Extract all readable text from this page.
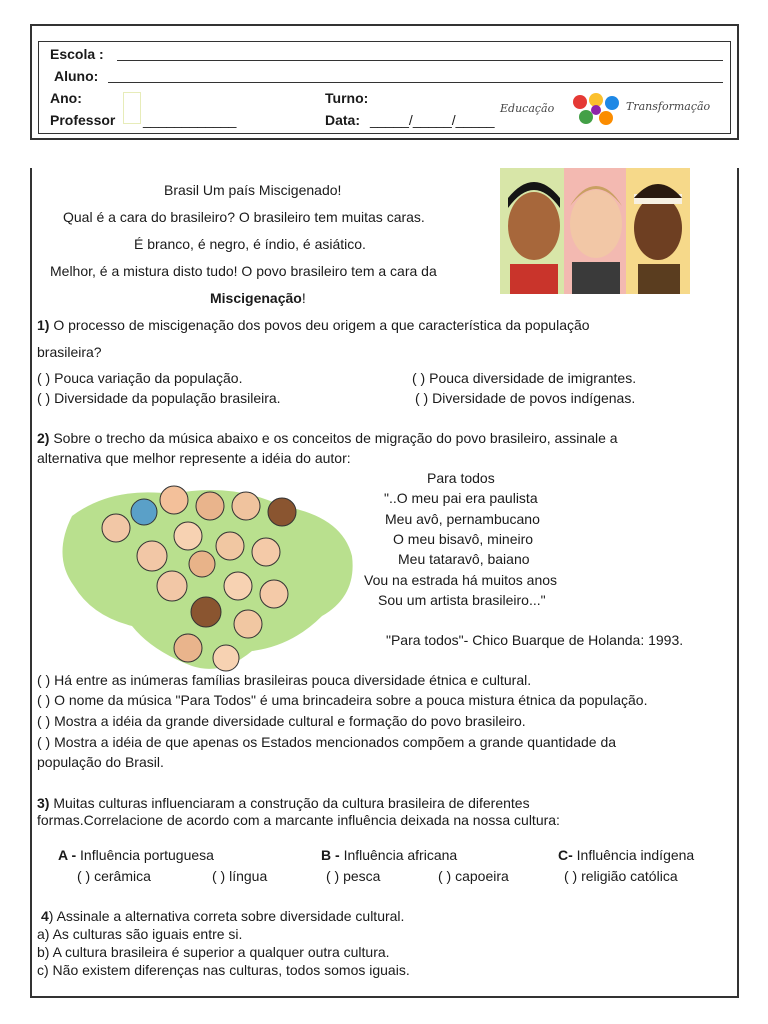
Escola :
Aluno:
Ano:
Professor ____________
Turno:
Data: _____/_____/_____
Educação	Transformação
Brasil Um país Miscigenado!
Qual é a cara do brasileiro? O brasileiro tem muitas caras.
É branco, é negro, é índio, é asiático.
Melhor, é a mistura disto tudo! O povo brasileiro tem a cara da
Miscigenação!
1) O processo de miscigenação dos povos deu origem a que característica da população
brasileira?
( ) Pouca variação da população.	( ) Pouca diversidade de imigrantes.
( ) Diversidade da população brasileira.	( ) Diversidade de povos indígenas.
2) Sobre o trecho da música abaixo e os conceitos de migração do povo brasileiro, assinale a
alternativa que melhor represente a idéia do autor:
Para todos
"..O meu pai era paulista
Meu avô, pernambucano
O meu bisavô, mineiro
Meu tataravô, baiano
Vou na estrada há muitos anos
Sou um artista brasileiro..."
"Para todos"- Chico Buarque de Holanda: 1993.
( ) Há entre as inúmeras famílias brasileiras pouca diversidade étnica e cultural.
( ) O nome da música "Para Todos" é uma brincadeira sobre a pouca mistura étnica da população.
( ) Mostra a idéia da grande diversidade cultural e formação do povo brasileiro.
( ) Mostra a idéia de que apenas os Estados mencionados compõem a grande quantidade da
população do Brasil.
3) Muitas culturas influenciaram a construção da cultura brasileira de diferentes
formas.Correlacione de acordo com a marcante influência deixada na nossa cultura:
A - Influência portuguesa	B - Influência africana	C- Influência indígena
( ) cerâmica	( ) língua	( ) pesca	( ) capoeira	( ) religião católica
4) Assinale a alternativa correta sobre diversidade cultural.
a) As culturas são iguais entre si.
b) A cultura brasileira é superior a qualquer outra cultura.
c) Não existem diferenças nas culturas, todos somos iguais.
